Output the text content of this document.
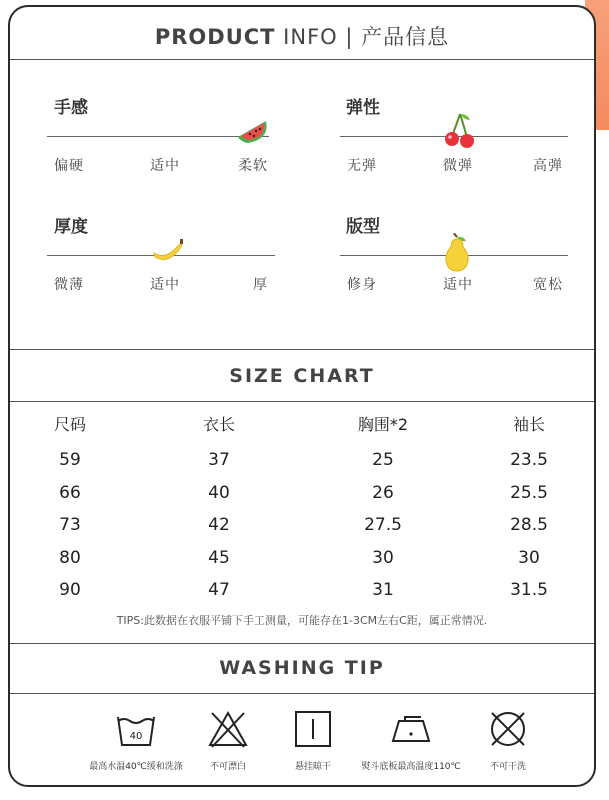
PRODUCT INFO | 产品信息
手感
偏硬	适中	柔软
弹性
无弹	微弹	高弹
厚度
微薄	适中	厚
版型
修身	适中	宽松
SIZE CHART
尺码	衣长	胸围*2	袖长
59	37	25	23.5
66	40	26	25.5
73	42	27.5	28.5
80	45	30	30
90	47	31	31.5
TIPS:此数据在衣服平铺下手工测量，可能存在1-3CM左右C距，属正常情况.
WASHING TIP
40
最高水温40℃缓和洗涤	不可漂白	悬挂晾干	熨斗底板最高温度110℃	不可干洗
